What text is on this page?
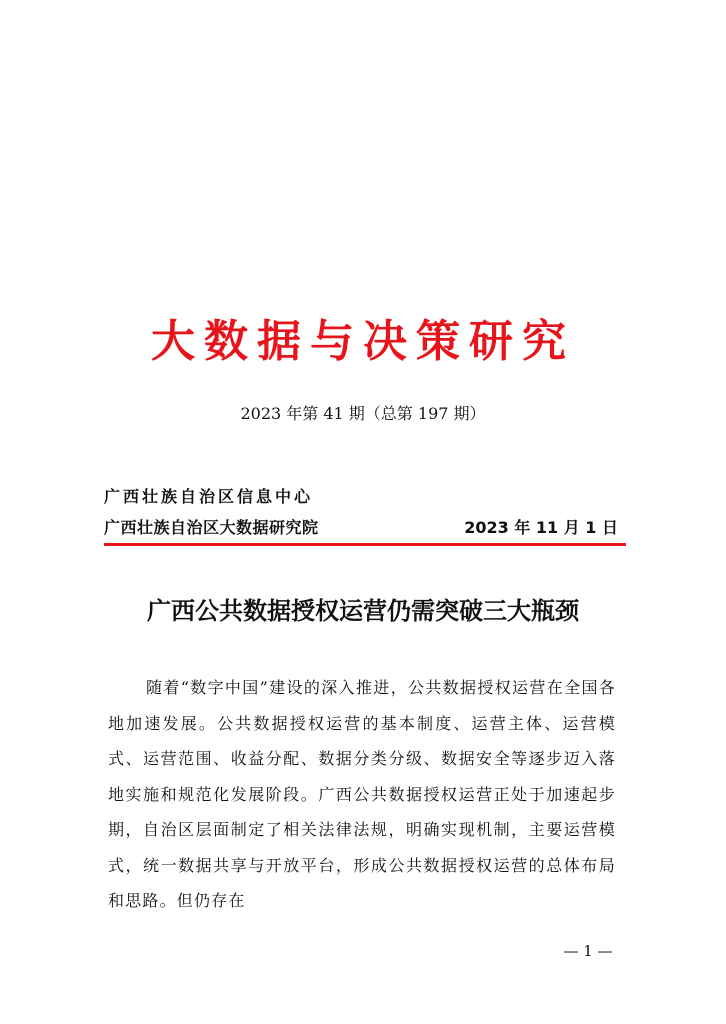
大数据与决策研究
2023 年第 41 期（总第 197 期）
广西壮族自治区信息中心
广西壮族自治区大数据研究院	2023 年 11 月 1 日
广西公共数据授权运营仍需突破三大瓶颈

随着“数字中国”建设的深入推进，公共数据授权运营在全国各地加速发展。公共数据授权运营的基本制度、运营主体、运营模式、运营范围、收益分配、数据分类分级、数据安全等逐步迈入落地实施和规范化发展阶段。广西公共数据授权运营正处于加速起步期，自治区层面制定了相关法律法规，明确实现机制，主要运营模式，统一数据共享与开放平台，形成公共数据授权运营的总体布局和思路。但仍存在

— 1 —
